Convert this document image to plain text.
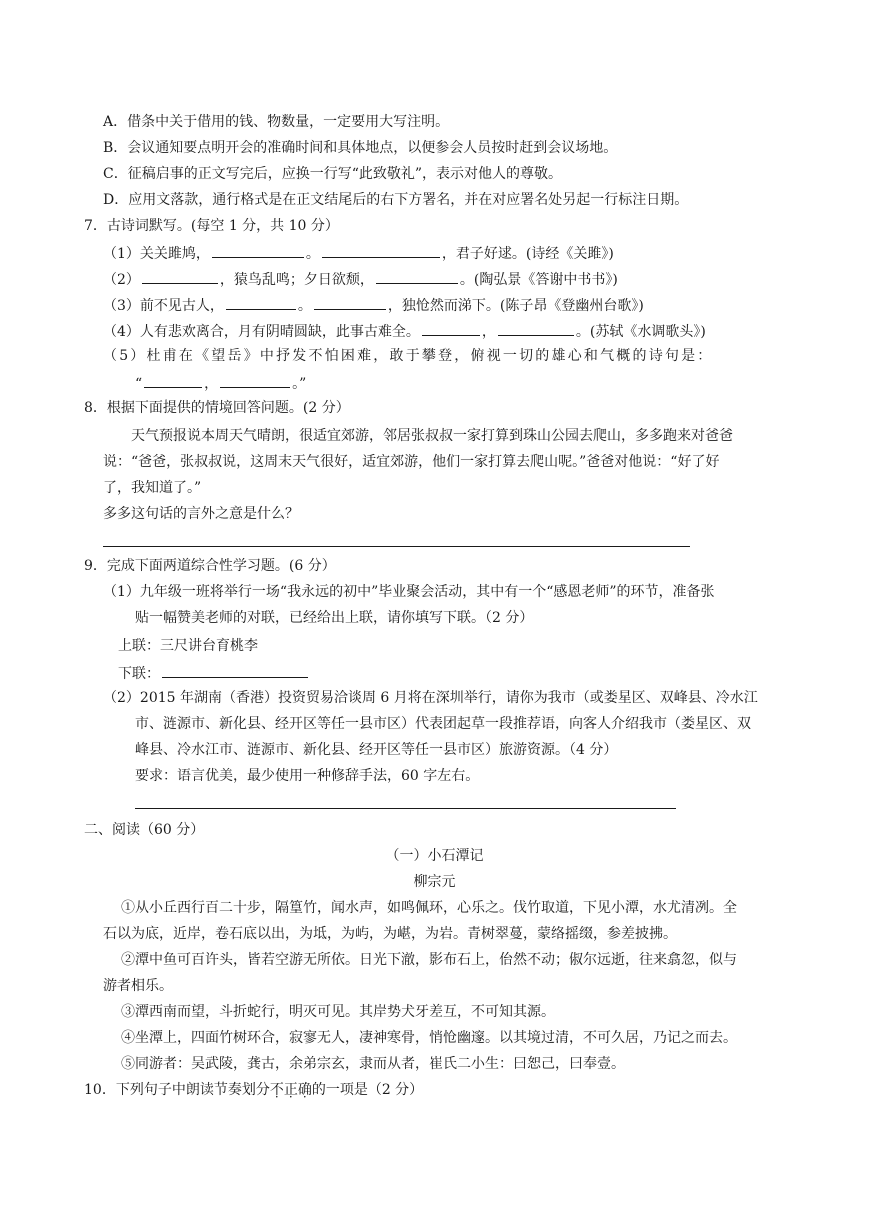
A．借条中关于借用的钱、物数量，一定要用大写注明。
B．会议通知要点明开会的准确时间和具体地点，以便参会人员按时赶到会议场地。
C．征稿启事的正文写完后，应换一行写“此致敬礼”，表示对他人的尊敬。
D．应用文落款，通行格式是在正文结尾后的右下方署名，并在对应署名处另起一行标注日期。
7．古诗词默写。(每空 1 分，共 10 分）
（1）关关雎鸠，	。	，君子好逑。(诗经《关雎》)
（2）	，猿鸟乱鸣；夕日欲颓，	。(陶弘景《答谢中书书》)
（3）前不见古人，	。	，独怆然而涕下。(陈子昂《登幽州台歌》)
（4）人有悲欢离合，月有阴晴圆缺，此事古难全。	，	。(苏轼《水调歌头》)
（5）杜甫在《望岳》中抒发不怕困难，敢于攀登，俯视一切的雄心和气概的诗句是：
“	，	。”
8．根据下面提供的情境回答问题。(2 分）
天气预报说本周天气晴朗，很适宜郊游，邻居张叔叔一家打算到珠山公园去爬山，多多跑来对爸爸
说：“爸爸，张叔叔说，这周末天气很好，适宜郊游，他们一家打算去爬山呢。”爸爸对他说：“好了好
了，我知道了。”
多多这句话的言外之意是什么？
9．完成下面两道综合性学习题。(6 分）
（1）九年级一班将举行一场“我永远的初中”毕业聚会活动，其中有一个“感恩老师”的环节，准备张
贴一幅赞美老师的对联，已经给出上联，请你填写下联。（2 分）
上联：三尺讲台育桃李
下联：
（2）2015 年湖南（香港）投资贸易洽谈周 6 月将在深圳举行，请你为我市（或娄星区、双峰县、冷水江
市、涟源市、新化县、经开区等任一县市区）代表团起草一段推荐语，向客人介绍我市（娄星区、双
峰县、冷水江市、涟源市、新化县、经开区等任一县市区）旅游资源。（4 分）
要求：语言优美，最少使用一种修辞手法，60 字左右。
二、阅读（60 分）
（一）小石潭记
柳宗元
①从小丘西行百二十步，隔篁竹，闻水声，如鸣佩环，心乐之。伐竹取道，下见小潭，水尤清冽。全
石以为底，近岸，卷石底以出，为坻，为屿，为嵁，为岩。青树翠蔓，蒙络摇缀，参差披拂。
②潭中鱼可百许头，皆若空游无所依。日光下澈，影布石上，佁然不动；俶尔远逝，往来翕忽，似与
游者相乐。
③潭西南而望，斗折蛇行，明灭可见。其岸势犬牙差互，不可知其源。
④坐潭上，四面竹树环合，寂寥无人，凄神寒骨，悄怆幽邃。以其境过清，不可久居，乃记之而去。
⑤同游者：吴武陵，龚古，余弟宗玄，隶而从者，崔氏二小生：曰恕己，曰奉壹。
10．下列句子中朗读节奏划分不正确的一项是（2 分）
